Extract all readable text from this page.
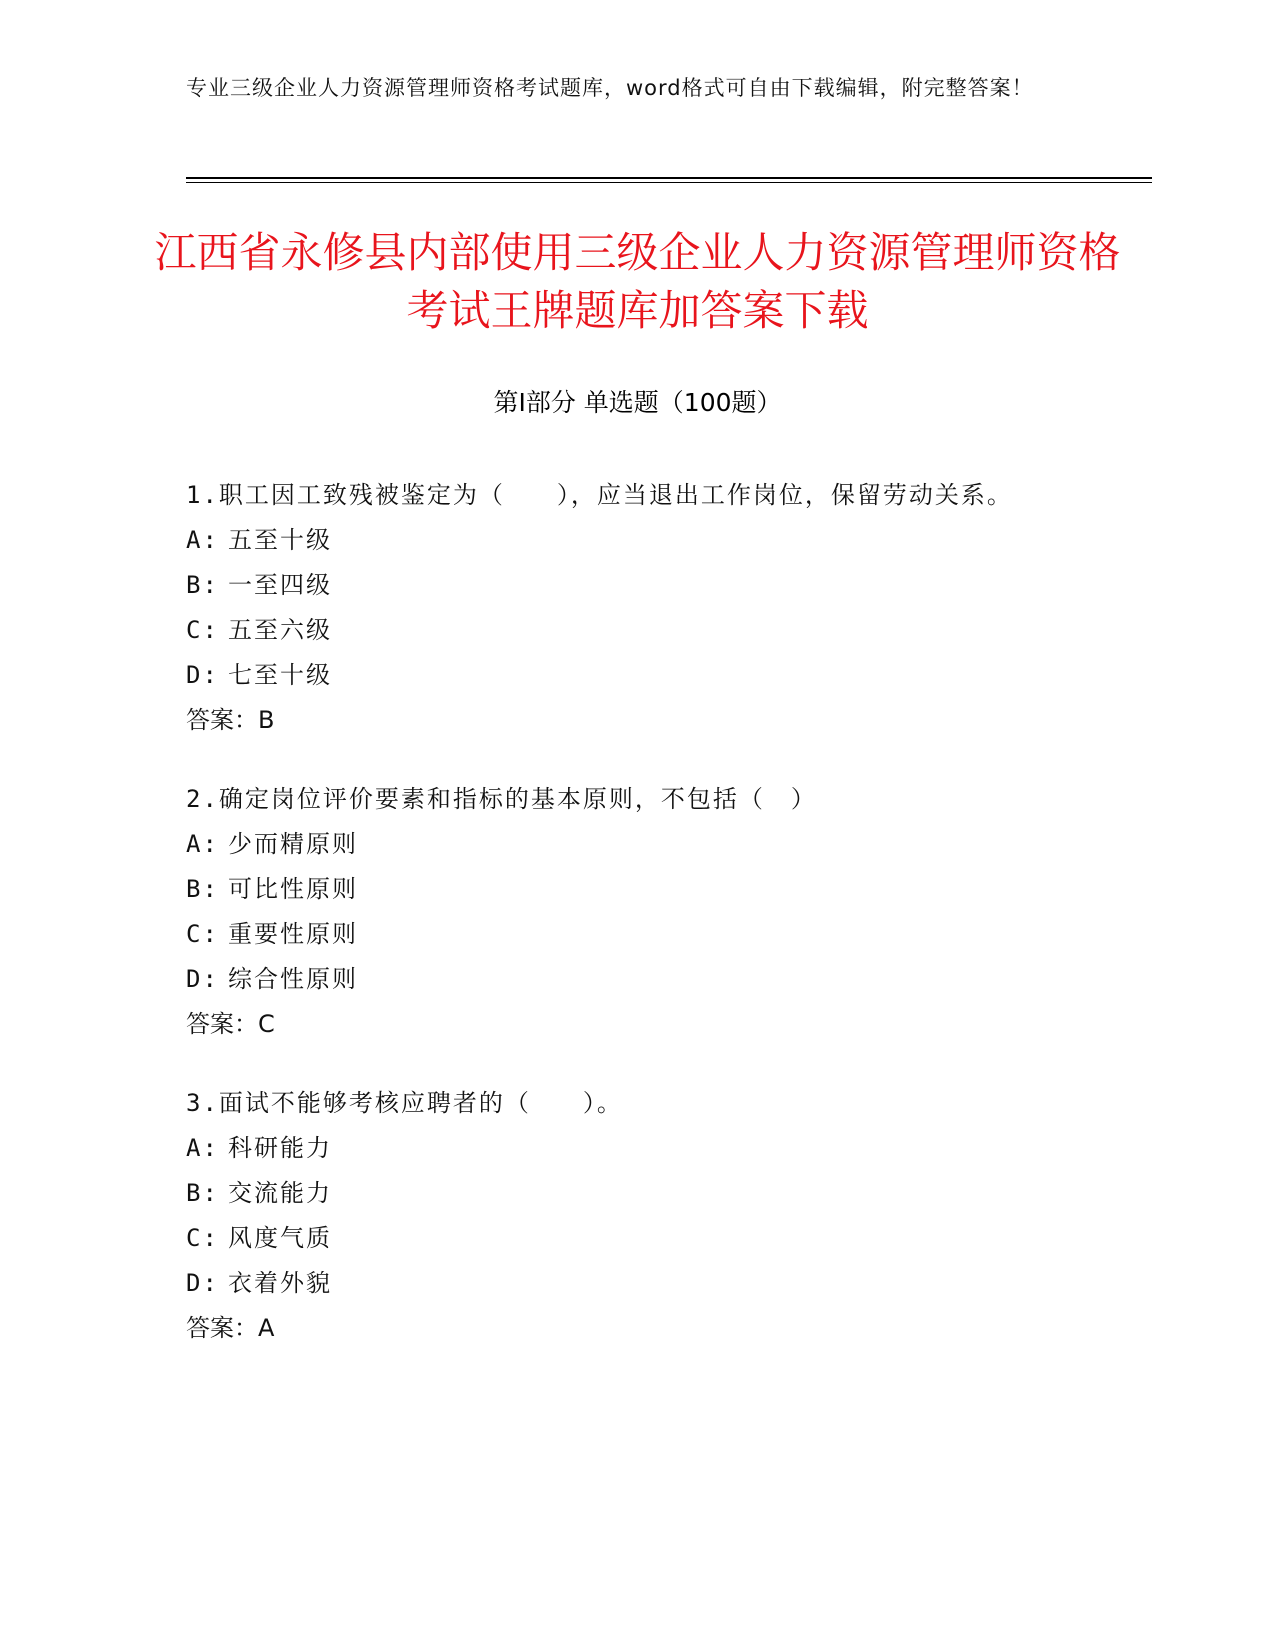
专业三级企业人力资源管理师资格考试题库，word格式可自由下载编辑，附完整答案！
江西省永修县内部使用三级企业人力资源管理师资格考试王牌题库加答案下载
第I部分 单选题（100题）

1.职工因工致残被鉴定为（　　），应当退出工作岗位，保留劳动关系。

A: 五至十级
B: 一至四级
C: 五至六级
D: 七至十级
答案：B

2.确定岗位评价要素和指标的基本原则，不包括（　）

A: 少而精原则
B: 可比性原则
C: 重要性原则
D: 综合性原则
答案：C

3.面试不能够考核应聘者的（　　）。

A: 科研能力
B: 交流能力
C: 风度气质
D: 衣着外貌
答案：A
